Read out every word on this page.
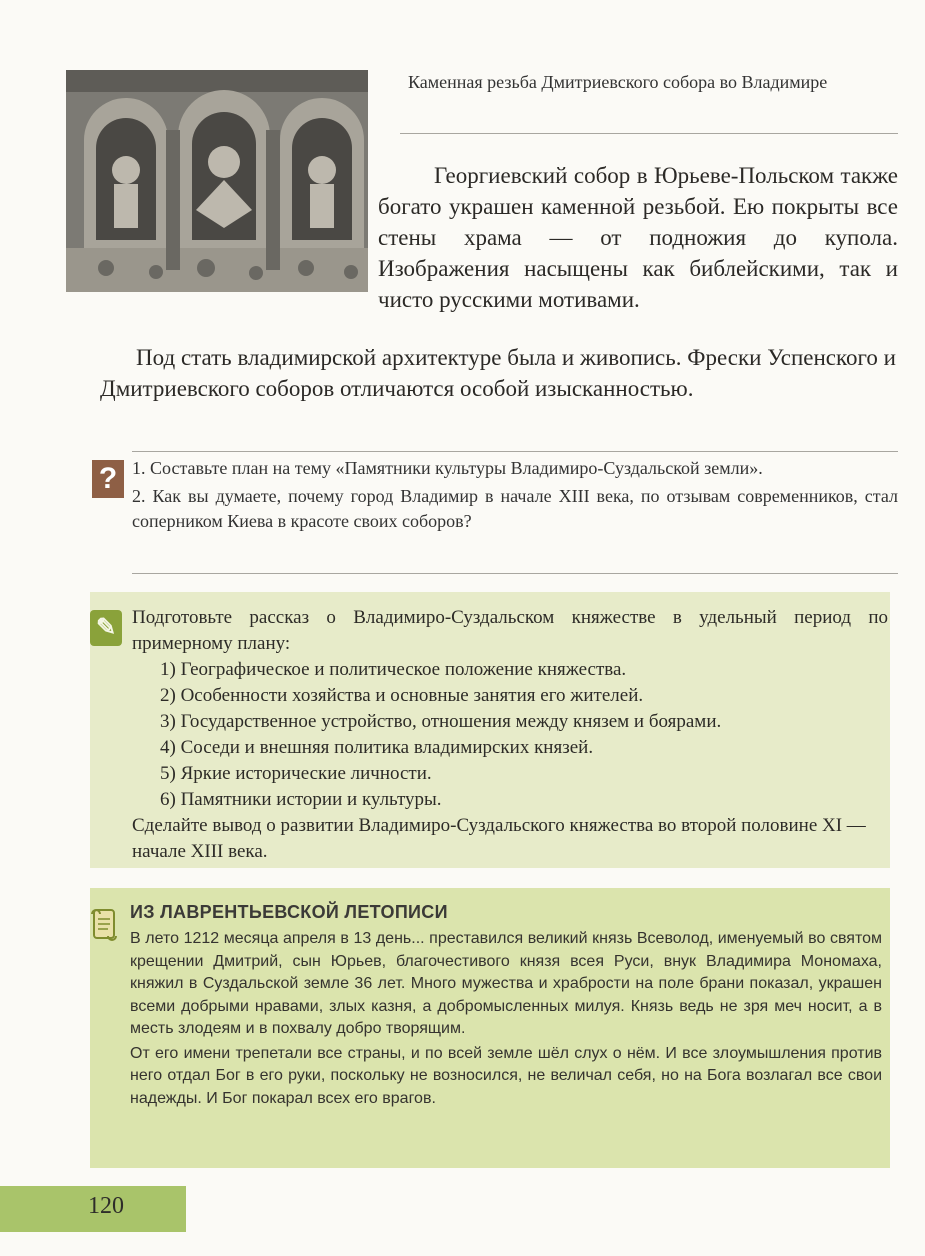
Каменная резьба Дмитриевского собора во Владимире
Георгиевский собор в Юрьеве-Польском также богато украшен каменной резьбой. Ею покрыты все стены храма — от подножия до купола. Изображения насыщены как библейскими, так и чисто русскими мотивами.
Под стать владимирской архитектуре была и живопись. Фрески Успенского и Дмитриевского соборов отличаются особой изысканностью.
? 1. Составьте план на тему «Памятники культуры Владимиро-Суздальской земли».

2. Как вы думаете, почему город Владимир в начале XIII века, по отзывам современников, стал соперником Киева в красоте своих соборов?

✎ Подготовьте рассказ о Владимиро-Суздальском княжестве в удельный период по примерному плану:

1) Географическое и политическое положение княжества.
2) Особенности хозяйства и основные занятия его жителей.
3) Государственное устройство, отношения между князем и боярами.
4) Соседи и внешняя политика владимирских князей.
5) Яркие исторические личности.
6) Памятники истории и культуры.

Сделайте вывод о развитии Владимиро-Суздальского княжества во второй половине XI — начале XIII века.

ИЗ ЛАВРЕНТЬЕВСКОЙ ЛЕТОПИСИ

В лето 1212 месяца апреля в 13 день... преставился великий князь Всеволод, именуемый во святом крещении Дмитрий, сын Юрьев, благочестивого князя всея Руси, внук Владимира Мономаха, княжил в Суздальской земле 36 лет. Много мужества и храбрости на поле брани показал, украшен всеми добрыми нравами, злых казня, а добромысленных милуя. Князь ведь не зря меч носит, а в месть злодеям и в похвалу добро творящим.

От его имени трепетали все страны, и по всей земле шёл слух о нём. И все злоумышления против него отдал Бог в его руки, поскольку не возносился, не величал себя, но на Бога возлагал все свои надежды. И Бог покарал всех его врагов.

120
